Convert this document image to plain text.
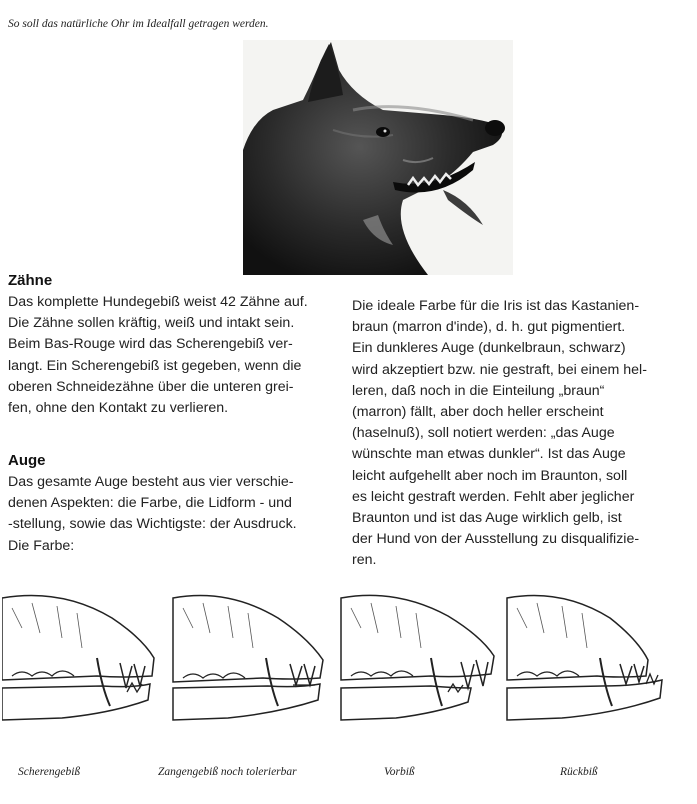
So soll das natürliche Ohr im Idealfall getragen werden.
Zähne
Das komplette Hundegebiß weist 42 Zähne auf.
Die Zähne sollen kräftig, weiß und intakt sein.
Beim Bas-Rouge wird das Scherengebiß ver-
langt. Ein Scherengebiß ist gegeben, wenn die
oberen Schneidezähne über die unteren grei-
fen, ohne den Kontakt zu verlieren.
Auge
Das gesamte Auge besteht aus vier verschie-
denen Aspekten: die Farbe, die Lidform - und
-stellung, sowie das Wichtigste: der Ausdruck.
Die Farbe:
Die ideale Farbe für die Iris ist das Kastanien-
braun (marron d'inde), d. h. gut pigmentiert.
Ein dunkleres Auge (dunkelbraun, schwarz)
wird akzeptiert bzw. nie gestraft, bei einem hel-
leren, daß noch in die Einteilung „braun“
(marron) fällt, aber doch heller erscheint
(haselnuß), soll notiert werden: „das Auge
wünschte man etwas dunkler“. Ist das Auge
leicht aufgehellt aber noch im Braunton, soll
es leicht gestraft werden. Fehlt aber jeglicher
Braunton und ist das Auge wirklich gelb, ist
der Hund von der Ausstellung zu disqualifizie-
ren.
Scherengebiß	Zangengebiß noch tolerierbar	Vorbiß	Rückbiß
